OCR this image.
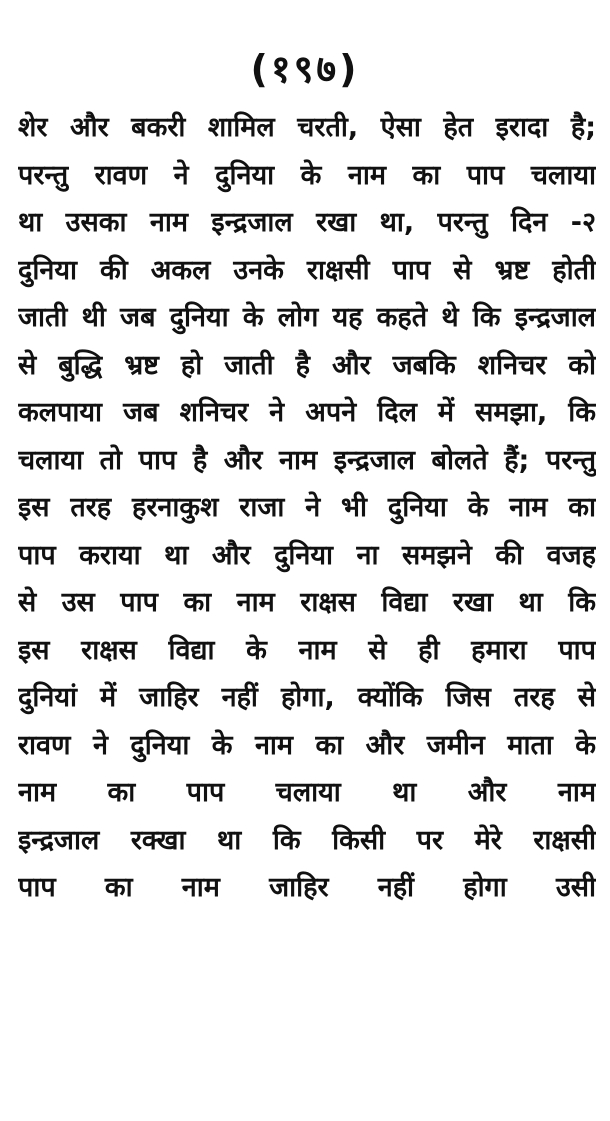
(१९७)
शेर और बकरी शामिल चरती, ऐसा हेत इरादा है;
परन्तु रावण ने दुनिया के नाम का पाप चलाया
था उसका नाम इन्द्रजाल रखा था, परन्तु दिन -२
दुनिया की अकल उनके राक्षसी पाप से भ्रष्ट होती
जाती थी जब दुनिया के लोग यह कहते थे कि इन्द्रजाल
से बुद्धि भ्रष्ट हो जाती है और जबकि शनिचर को
कलपाया जब शनिचर ने अपने दिल में समझा, कि
चलाया तो पाप है और नाम इन्द्रजाल बोलते हैं; परन्तु
इस तरह हरनाकुश राजा ने भी दुनिया के नाम का
पाप कराया था और दुनिया ना समझने की वजह
से उस पाप का नाम राक्षस विद्या रखा था कि
इस राक्षस विद्या के नाम से ही हमारा पाप
दुनियां में जाहिर नहीं होगा, क्योंकि जिस तरह से
रावण ने दुनिया के नाम का और जमीन माता के
नाम का पाप चलाया था और नाम
इन्द्रजाल रक्खा था कि किसी पर मेरे राक्षसी
पाप का नाम जाहिर नहीं होगा उसी
